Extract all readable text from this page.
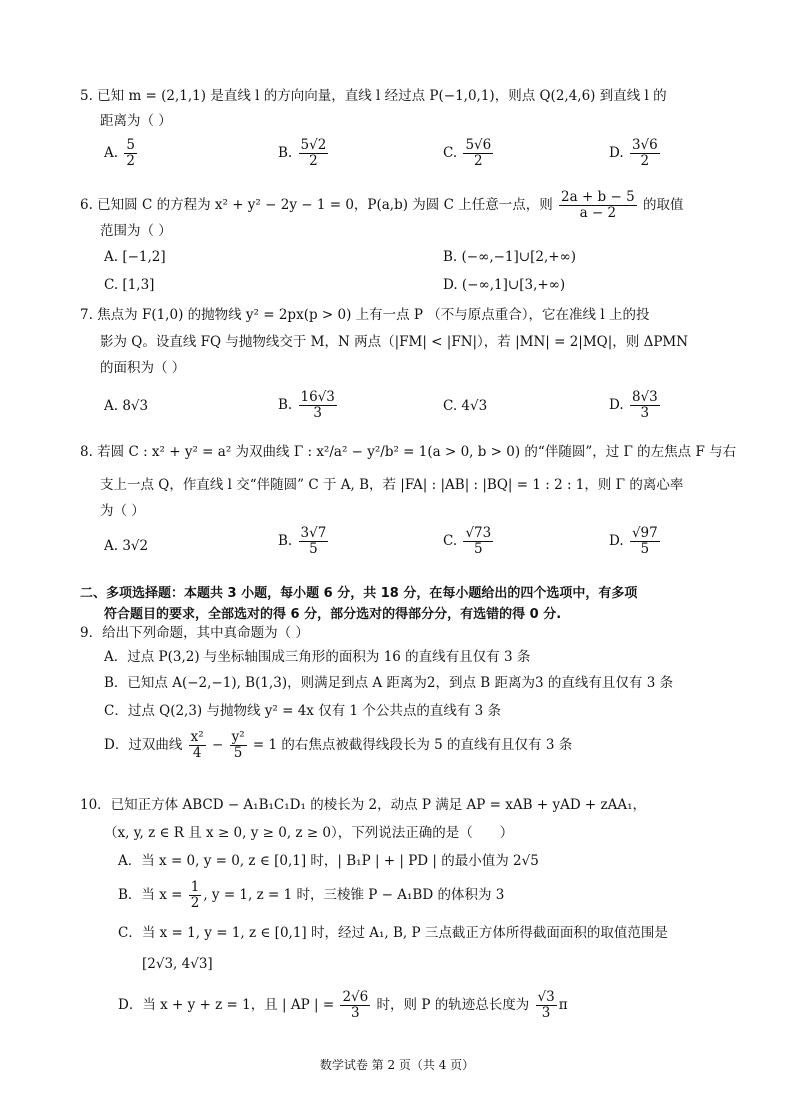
5. 已知 m = (2,1,1) 是直线 l 的方向向量，直线 l 经过点 P(−1,0,1)，则点 Q(2,4,6) 到直线 l 的
距离为（ ）
A. $\frac{5}{2}$	B. $\frac{5√2}{2}$	C. $\frac{5√6}{2}$	D. $\frac{3√6}{2}$
6. 已知圆 C 的方程为 x² + y² − 2y − 1 = 0，P(a,b) 为圆 C 上任意一点，则 $\frac{2a + b - 5}{a - 2}$ 的取值
范围为（ ）
A. [−1,2]	B. (−∞,−1]∪[2,+∞)
C. [1,3]	D. (−∞,1]∪[3,+∞)
7. 焦点为 F(1,0) 的抛物线 y² = 2px(p > 0) 上有一点 P （不与原点重合），它在准线 l 上的投
影为 Q。设直线 FQ 与抛物线交于 M，N 两点（|FM| < |FN|），若 |MN| = 2|MQ|，则 ΔPMN
的面积为（ ）
A. 8√3	B. $\frac{16√3}{3}$	C. 4√3	D. $\frac{8√3}{3}$
8. 若圆 C : x² + y² = a² 为双曲线 Γ : x²/a² − y²/b² = 1(a > 0, b > 0) 的“伴随圆”，过 Γ 的左焦点 F 与右
支上一点 Q，作直线 l 交“伴随圆” C 于 A, B，若 |FA| : |AB| : |BQ| = 1 : 2 : 1，则 Γ 的离心率
为（ ）
A. 3√2	B. $\frac{3√7}{5}$	C. $\frac{√73}{5}$	D. $\frac{√97}{5}$
二、多项选择题：本题共 3 小题，每小题 6 分，共 18 分，在每小题给出的四个选项中，有多项
符合题目的要求，全部选对的得 6 分，部分选对的得部分分，有选错的得 0 分.
9．给出下列命题，其中真命题为（ ）
A．过点 P(3,2) 与坐标轴围成三角形的面积为 16 的直线有且仅有 3 条
B．已知点 A(−2,−1), B(1,3)，则满足到点 A 距离为2，到点 B 距离为3 的直线有且仅有 3 条
C．过点 Q(2,3) 与抛物线 y² = 4x 仅有 1 个公共点的直线有 3 条
D．过双曲线 $\frac{\text{x²}}{4} - \frac{\text{y²}}{5} = 1$ 的右焦点被截得线段长为 5 的直线有且仅有 3 条
10．已知正方体 ABCD − A₁B₁C₁D₁ 的棱长为 2，动点 P 满足 AP = xAB + yAD + zAA₁，
（x, y, z ∈ R 且 x ≥ 0, y ≥ 0, z ≥ 0），下列说法正确的是（　　）
A．当 x = 0, y = 0, z ∈ [0,1] 时，| B₁P | + | PD | 的最小值为 2√5
B．当 $x = \frac{1}{2}$ , y = 1, z = 1 时，三棱锥 P − A₁BD 的体积为 3
C．当 x = 1, y = 1, z ∈ [0,1] 时，经过 A₁, B, P 三点截正方体所得截面面积的取值范围是
[2√3, 4√3]
D．当 x + y + z = 1，且 | AP | = $\frac{2√6}{3}$ 时，则 P 的轨迹总长度为 $\frac{√3}{3}$ π
数学试卷 第 2 页（共 4 页）
